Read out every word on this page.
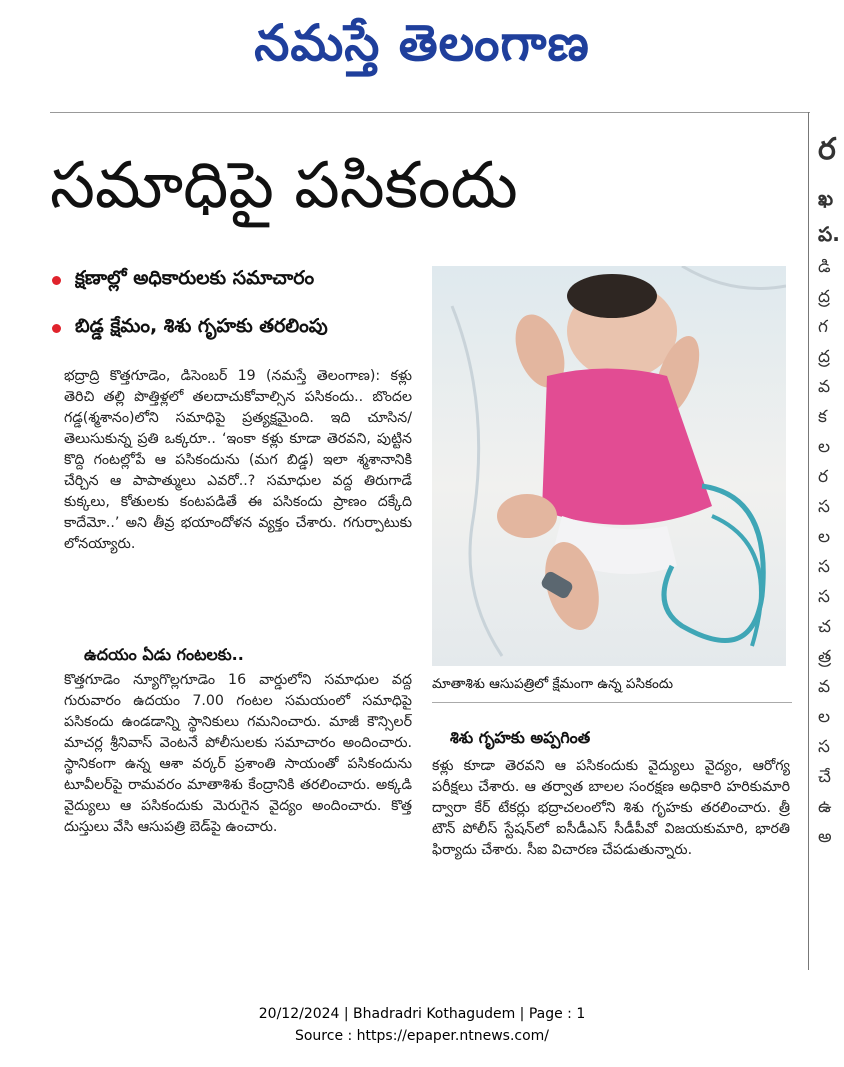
నమస్తే తెలంగాణ
సమాధిపై పసికందు
క్షణాల్లో అధికారులకు సమాచారం
బిడ్డ క్షేమం, శిశు గృహకు తరలింపు

భద్రాద్రి కొత్తగూడెం, డిసెంబర్ 19 (నమస్తే తెలంగాణ): కళ్లు తెరిచి తల్లి పొత్తిళ్లలో తలదాచుకోవాల్సిన పసికందు.. బొందల గడ్డ(శ్మశానం)లోని సమాధిపై ప్రత్యక్షమైంది. ఇది చూసిన/తెలుసుకున్న ప్రతి ఒక్కరూ.. ‘ఇంకా కళ్లు కూడా తెరవని, పుట్టిన కొద్ది గంటల్లోపే ఆ పసికందును (మగ బిడ్డ) ఇలా శ్మశానానికి చేర్చిన ఆ పాపాత్ములు ఎవరో..? సమాధుల వద్ద తిరుగాడే కుక్కలు, కోతులకు కంటపడితే ఈ పసికందు ప్రాణం దక్కేది కాదేమో..’ అని తీవ్ర భయాందోళన వ్యక్తం చేశారు. గగుర్పాటుకు లోనయ్యారు.

ఉదయం ఏడు గంటలకు..

కొత్తగూడెం న్యూగొల్లగూడెం 16 వార్డులోని సమాధుల వద్ద గురువారం ఉదయం 7.00 గంటల సమయంలో సమాధిపై పసికందు ఉండడాన్ని స్థానికులు గమనించారు. మాజీ కౌన్సిలర్ మాచర్ల శ్రీనివాస్ వెంటనే పోలీసులకు సమాచారం అందించారు. స్థానికంగా ఉన్న ఆశా వర్కర్ ప్రశాంతి సాయంతో పసికందును టూవీలర్‌పై రామవరం మాతాశిశు కేంద్రానికి తరలించారు. అక్కడి వైద్యులు ఆ పసికందుకు మెరుగైన వైద్యం అందించారు. కొత్త దుస్తులు వేసి ఆసుపత్రి బెడ్‌పై ఉంచారు.

మాతాశిశు ఆసుపత్రిలో క్షేమంగా ఉన్న పసికందు
శిశు గృహకు అప్పగింత

కళ్లు కూడా తెరవని ఆ పసికందుకు వైద్యులు వైద్యం, ఆరోగ్య పరీక్షలు చేశారు. ఆ తర్వాత బాలల సంరక్షణ అధికారి హరికుమారి ద్వారా కేర్ టేకర్లు భద్రాచలంలోని శిశు గృహకు తరలించారు. త్రీ టౌన్ పోలీస్ స్టేషన్‌లో ఐసీడీఎస్ సీడీపీవో విజయకుమారి, భారతి ఫిర్యాదు చేశారు. సీఐ విచారణ చేపడుతున్నారు.

ర
ఖ
ప.
డి
ద్ర
గ
ద్ర
వ
క
ల
ర
స
ల
స
స
చ
త్ర
వ
ల
స
చే
ఉ
అ
20/12/2024 | Bhadradri Kothagudem | Page : 1
Source : https://epaper.ntnews.com/
